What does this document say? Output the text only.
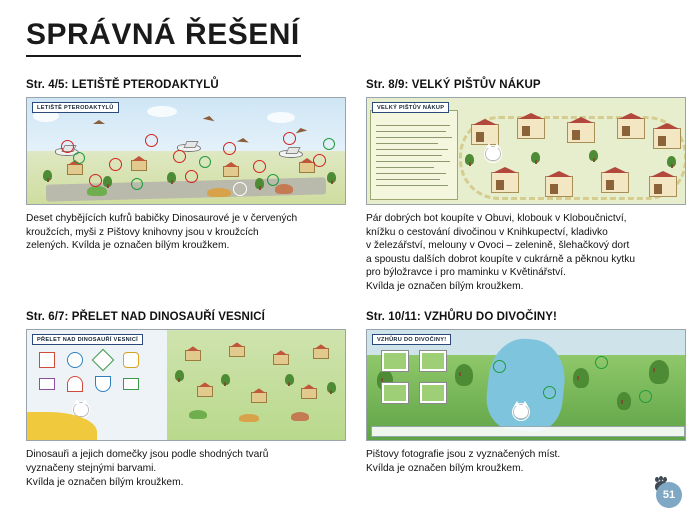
SPRÁVNÁ ŘEŠENÍ
Str. 4/5: LETIŠTĚ PTERODAKTYLŮ
LETIŠTĚ PTERODAKTYLŮ
Deset chybějících kufrů babičky Dinosaurové je v červených
kroužcích, myši z Pištovy knihovny jsou v kroužcích
zelených. Kvílda je označen bílým kroužkem.
Str. 8/9: VELKÝ PIŠTŮV NÁKUP
VELKÝ PIŠTŮV NÁKUP
Pár dobrých bot koupíte v Obuvi, klobouk v Kloboučnictví,
knížku o cestování divočinou v Knihkupectví, kladivko
v železářství, melouny v Ovoci – zelenině, šlehačkový dort
a spoustu dalších dobrot koupíte v cukrárně a pěknou kytku
pro býložravce i pro maminku v Květinářství.
Kvílda je označen bílým kroužkem.
Str. 6/7: PŘELET NAD DINOSAUŘÍ VESNICÍ
PŘELET NAD DINOSAUŘÍ VESNICÍ
Dinosauři a jejich domečky jsou podle shodných tvarů
vyznačeny stejnými barvami.
Kvílda je označen bílým kroužkem.
Str. 10/11: VZHŮRU DO DIVOČINY!
VZHŮRU DO DIVOČINY!
Pištovy fotografie jsou z vyznačených míst.
Kvílda je označen bílým kroužkem.
51
